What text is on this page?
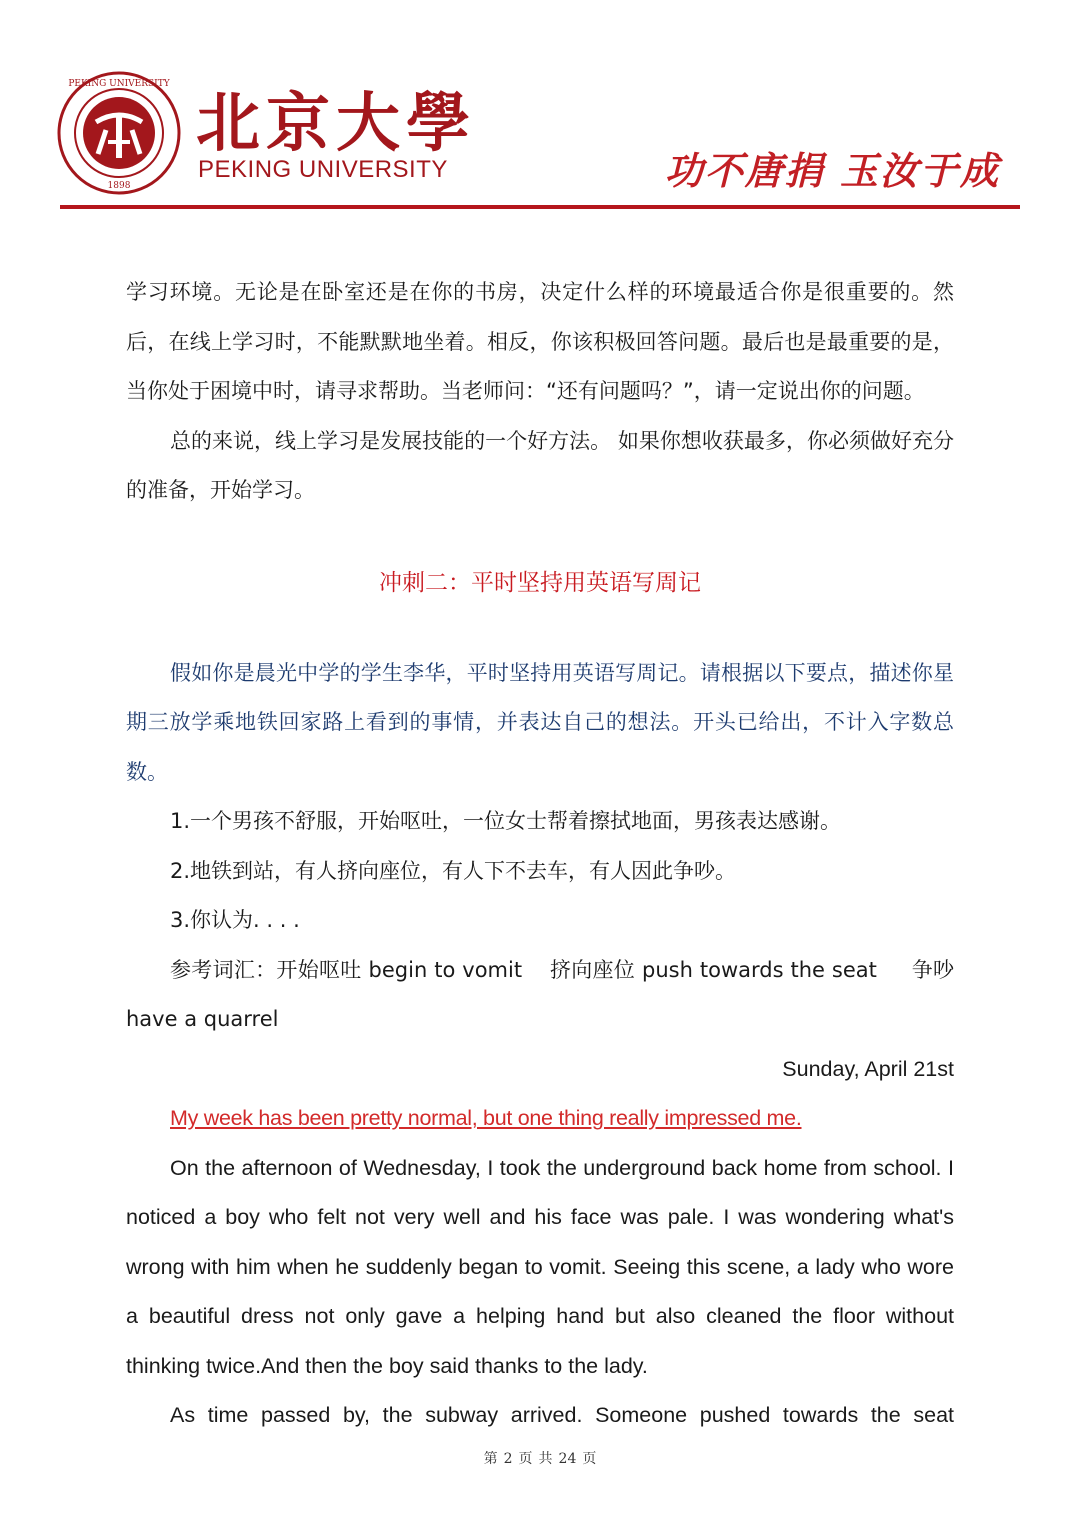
PEKING UNIVERSITY
1898
北京大學
PEKING UNIVERSITY	功不唐捐 玉汝于成

学习环境。无论是在卧室还是在你的书房，决定什么样的环境最适合你是很重要的。然后，在线上学习时，不能默默地坐着。相反，你该积极回答问题。最后也是最重要的是，当你处于困境中时，请寻求帮助。当老师问：“还有问题吗？”，请一定说出你的问题。

总的来说，线上学习是发展技能的一个好方法。 如果你想收获最多，你必须做好充分的准备，开始学习。

冲刺二：平时坚持用英语写周记

假如你是晨光中学的学生李华，平时坚持用英语写周记。请根据以下要点，描述你星期三放学乘地铁回家路上看到的事情，并表达自己的想法。开头已给出，不计入字数总数。

1.一个男孩不舒服，开始呕吐，一位女士帮着擦拭地面，男孩表达感谢。

2.地铁到站，有人挤向座位，有人下不去车，有人因此争吵。

3.你认为. . . .

参考词汇：开始呕吐 begin to vomit    挤向座位 push towards the seat     争吵 have a quarrel

Sunday, April 21st

My week has been pretty normal, but one thing really impressed me.

On the afternoon of Wednesday, I took the underground back home from school. I noticed a boy who felt not very well and his face was pale. I was wondering what's wrong with him when he suddenly began to vomit. Seeing this scene, a lady who wore a beautiful dress not only gave a helping hand but also cleaned the floor without thinking twice.And then the boy said thanks to the lady.

As time passed by, the subway arrived. Someone pushed towards the seat

第 2 页 共 24 页
